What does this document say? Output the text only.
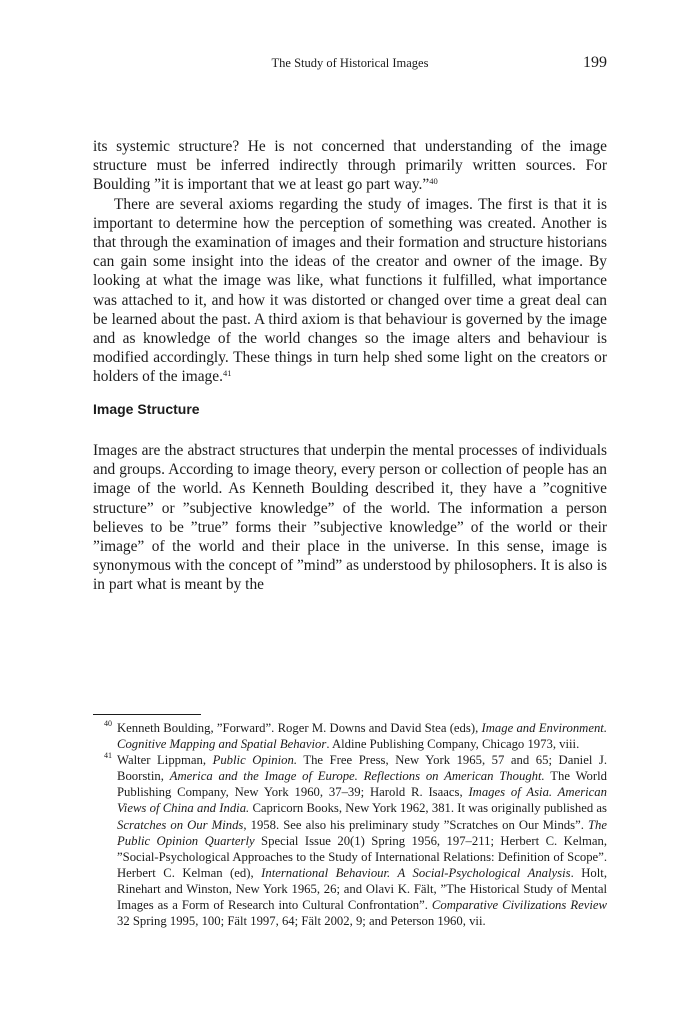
The Study of Historical Images	199

its systemic structure? He is not concerned that understanding of the image structure must be inferred indirectly through primarily written sources. For Boulding ”it is important that we at least go part way.”$^{40}$

There are several axioms regarding the study of images. The first is that it is important to determine how the perception of something was created. Another is that through the examination of images and their formation and structure historians can gain some insight into the ideas of the creator and owner of the image. By looking at what the image was like, what functions it fulfilled, what importance was attached to it, and how it was distorted or changed over time a great deal can be learned about the past. A third axiom is that behaviour is governed by the image and as knowledge of the world changes so the image alters and behaviour is modified accordingly. These things in turn help shed some light on the creators or holders of the image.$^{41}$

Image Structure

Images are the abstract structures that underpin the mental processes of individuals and groups. According to image theory, every person or collection of people has an image of the world. As Kenneth Boulding described it, they have a ”cognitive structure” or ”subjective knowledge” of the world. The information a person believes to be ”true” forms their ”subjective knowledge” of the world or their ”image” of the world and their place in the universe. In this sense, image is synonymous with the concept of ”mind” as understood by philosophers. It is also is in part what is meant by the

40 Kenneth Boulding, ”Forward”. Roger M. Downs and David Stea (eds), Image and Environment. Cognitive Mapping and Spatial Behavior. Aldine Publishing Company, Chicago 1973, viii.

41 Walter Lippman, Public Opinion. The Free Press, New York 1965, 57 and 65; Daniel J. Boorstin, America and the Image of Europe. Reflections on American Thought. The World Publishing Company, New York 1960, 37–39; Harold R. Isaacs, Images of Asia. American Views of China and India. Capricorn Books, New York 1962, 381. It was originally published as Scratches on Our Minds, 1958. See also his preliminary study ”Scratches on Our Minds”. The Public Opinion Quarterly Special Issue 20(1) Spring 1956, 197–211; Herbert C. Kelman, ”Social-Psychological Approaches to the Study of International Relations: Definition of Scope”. Herbert C. Kelman (ed), International Behaviour. A Social-Psychological Analysis. Holt, Rinehart and Winston, New York 1965, 26; and Olavi K. Fält, ”The Historical Study of Mental Images as a Form of Research into Cultural Confrontation”. Comparative Civilizations Review 32 Spring 1995, 100; Fält 1997, 64; Fält 2002, 9; and Peterson 1960, vii.
